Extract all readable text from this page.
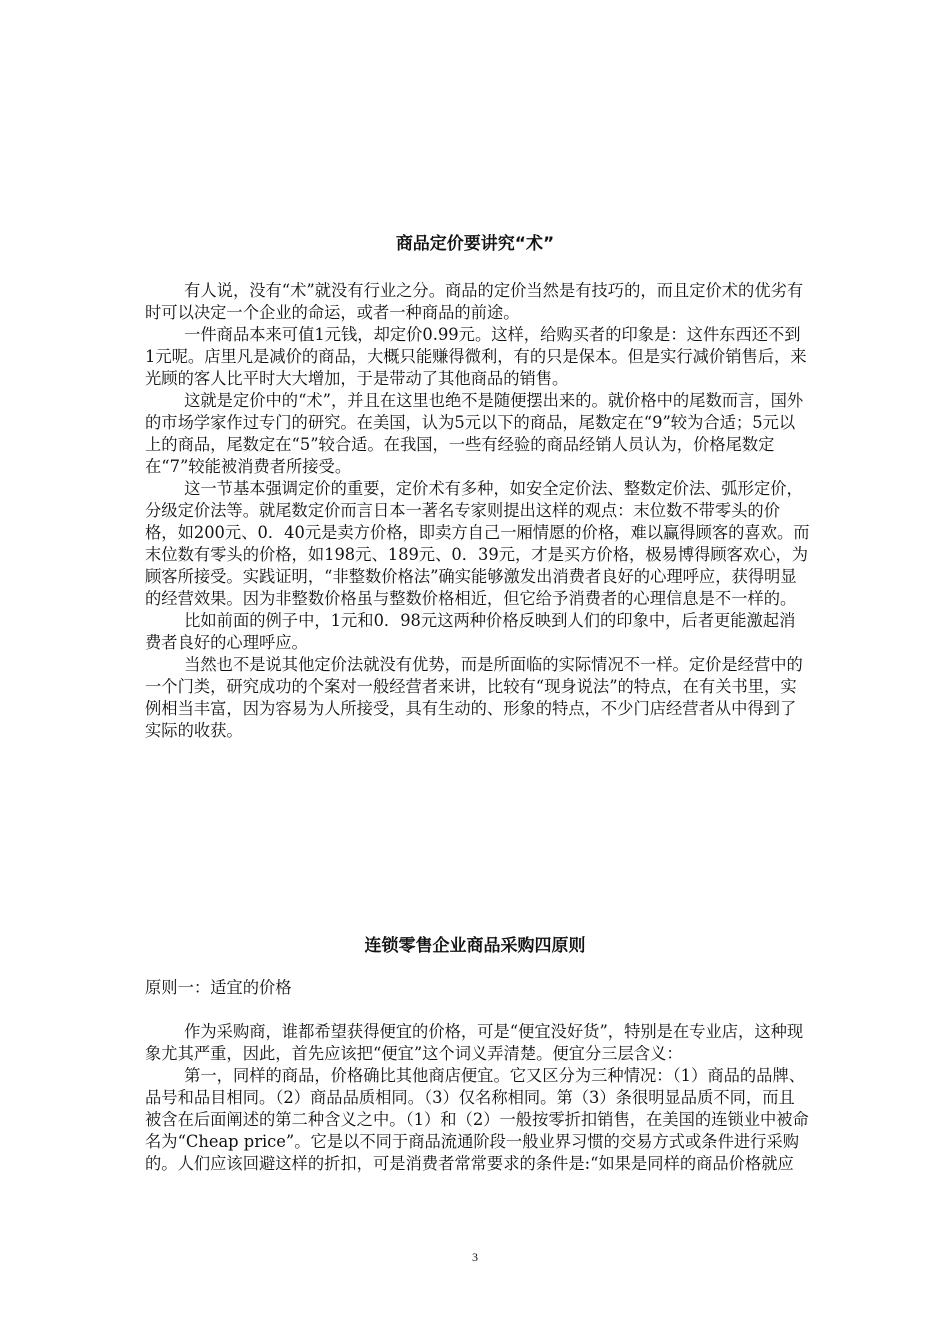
商品定价要讲究“术”

有人说，没有“术”就没有行业之分。商品的定价当然是有技巧的，而且定价术的优劣有时可以决定一个企业的命运，或者一种商品的前途。

一件商品本来可值1元钱，却定价0.99元。这样，给购买者的印象是：这件东西还不到1元呢。店里凡是减价的商品，大概只能赚得微利，有的只是保本。但是实行减价销售后，来光顾的客人比平时大大增加，于是带动了其他商品的销售。

这就是定价中的“术”，并且在这里也绝不是随便摆出来的。就价格中的尾数而言，国外的市场学家作过专门的研究。在美国，认为5元以下的商品，尾数定在“9”较为合适；5元以上的商品，尾数定在“5”较合适。在我国，一些有经验的商品经销人员认为，价格尾数定在“7”较能被消费者所接受。

这一节基本强调定价的重要，定价术有多种，如安全定价法、整数定价法、弧形定价，分级定价法等。就尾数定价而言日本一著名专家则提出这样的观点：末位数不带零头的价格，如200元、0．40元是卖方价格，即卖方自己一厢情愿的价格，难以赢得顾客的喜欢。而末位数有零头的价格，如198元、189元、0．39元，才是买方价格，极易博得顾客欢心，为顾客所接受。实践证明，“非整数价格法”确实能够激发出消费者良好的心理呼应，获得明显的经营效果。因为非整数价格虽与整数价格相近，但它给予消费者的心理信息是不一样的。

比如前面的例子中，1元和0．98元这两种价格反映到人们的印象中，后者更能激起消费者良好的心理呼应。

当然也不是说其他定价法就没有优势，而是所面临的实际情况不一样。定价是经营中的一个门类，研究成功的个案对一般经营者来讲，比较有“现身说法”的特点，在有关书里，实例相当丰富，因为容易为人所接受，具有生动的、形象的特点，不少门店经营者从中得到了实际的收获。

连锁零售企业商品采购四原则

原则一：适宜的价格

作为采购商，谁都希望获得便宜的价格，可是“便宜没好货”，特别是在专业店，这种现象尤其严重，因此，首先应该把“便宜”这个词义弄清楚。便宜分三层含义：

第一，同样的商品，价格确比其他商店便宜。它又区分为三种情况：（1）商品的品牌、品号和品目相同。（2）商品品质相同。（3）仅名称相同。第（3）条很明显品质不同，而且被含在后面阐述的第二种含义之中。（1）和（2）一般按零折扣销售，在美国的连锁业中被命名为“Cheap price”。它是以不同于商品流通阶段一般业界习惯的交易方式或条件进行采购的。人们应该回避这样的折扣，可是消费者常常要求的条件是:“如果是同样的商品价格就应

3
